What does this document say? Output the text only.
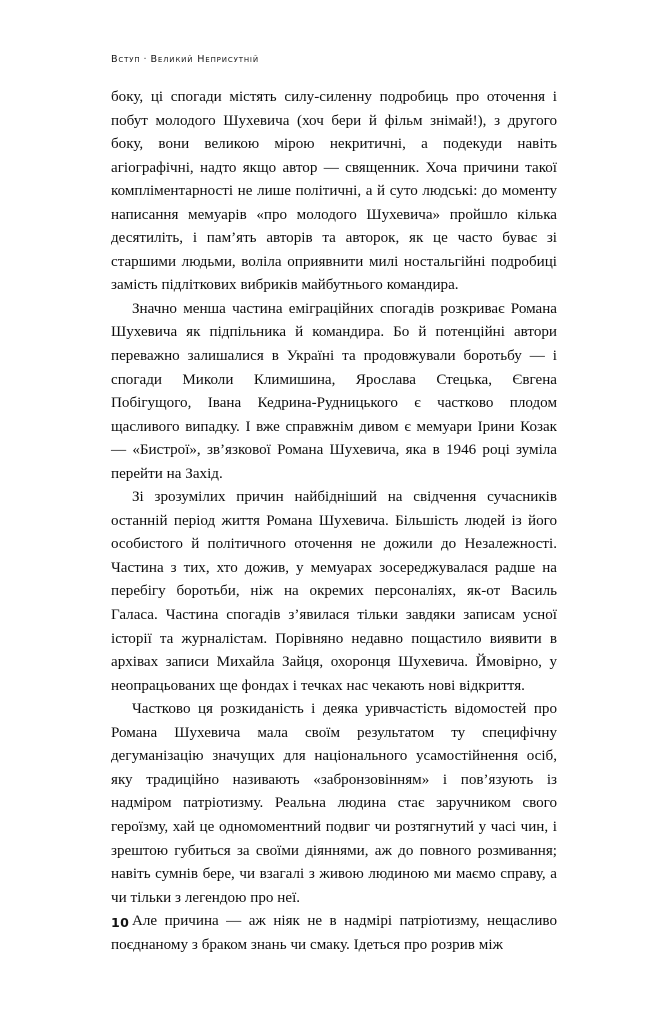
Вступ · Великий Неприсутній

боку, ці спогади містять силу-силенну подробиць про оточення і побут молодого Шухевича (хоч бери й фільм знімай!), з другого боку, вони великою мірою некритичні, а подекуди навіть агіографічні, надто якщо автор — священник. Хоча причини такої компліментарності не лише політичні, а й суто людські: до моменту написання мемуарів «про молодого Шухевича» пройшло кілька десятиліть, і пам’ять авторів та авторок, як це часто буває зі старшими людьми, воліла оприявнити милі ностальгійні подробиці замість підліткових вибриків майбутнього командира.

Значно менша частина еміграційних спогадів розкриває Романа Шухевича як підпільника й командира. Бо й потенційні автори переважно залишалися в Україні та продовжували боротьбу — і спогади Миколи Климишина, Ярослава Стецька, Євгена Побігущого, Івана Кедрина-Рудницького є частково плодом щасливого випадку. І вже справжнім дивом є мемуари Ірини Козак — «Бистрої», зв’язкової Романа Шухевича, яка в 1946 році зуміла перейти на Захід.

Зі зрозумілих причин найбідніший на свідчення сучасників останній період життя Романа Шухевича. Більшість людей із його особистого й політичного оточення не дожили до Незалежності. Частина з тих, хто дожив, у мемуарах зосереджувалася радше на перебігу боротьби, ніж на окремих персоналіях, як-от Василь Галаса. Частина спогадів з’явилася тільки завдяки записам усної історії та журналістам. Порівняно недавно пощастило виявити в архівах записи Михайла Зайця, охоронця Шухевича. Ймовірно, у неопрацьованих ще фондах і течках нас чекають нові відкриття.

Частково ця розкиданість і деяка уривчастість відомостей про Романа Шухевича мала своїм результатом ту специфічну дегуманізацію значущих для національного усамостійнення осіб, яку традиційно називають «забронзовінням» і пов’язують із надміром патріотизму. Реальна людина стає заручником свого героїзму, хай це одномоментний подвиг чи розтягнутий у часі чин, і зрештою губиться за своїми діяннями, аж до повного розмивання; навіть сумнів бере, чи взагалі з живою людиною ми маємо справу, а чи тільки з легендою про неї.

Але причина — аж ніяк не в надмірі патріотизму, нещасливо поєднаному з браком знань чи смаку. Ідеться про розрив між

10
